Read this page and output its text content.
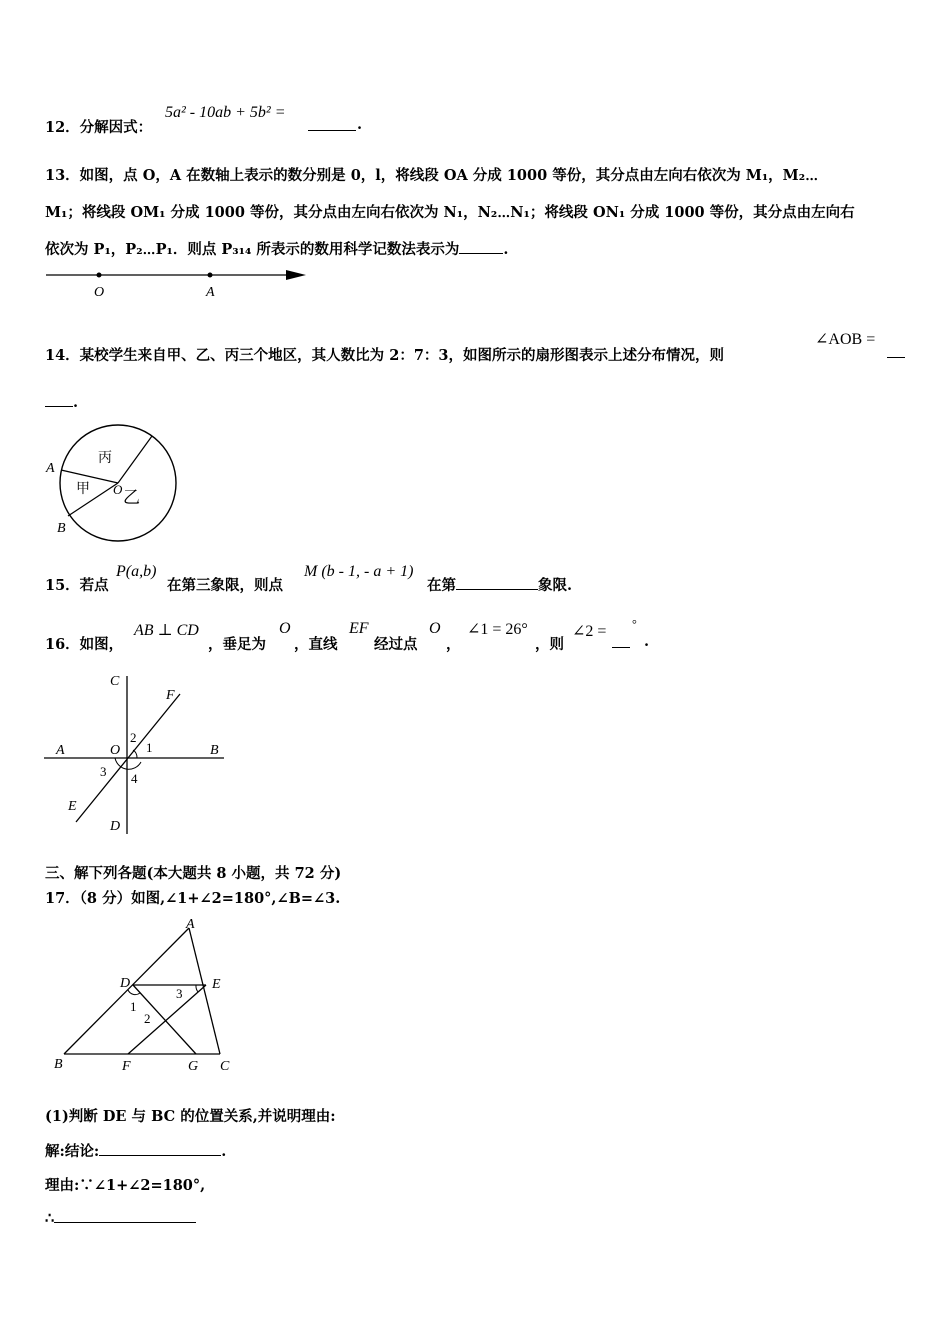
12．分解因式：
5a² - 10ab + 5b² =
.
13．如图，点 O，A 在数轴上表示的数分别是 0，l，将线段 OA 分成 1000 等份，其分点由左向右依次为 M₁，M₂⋯
M₁；将线段 OM₁ 分成 1000 等份，其分点由左向右依次为 N₁，N₂⋯N₁；将线段 ON₁ 分成 1000 等份，其分点由左向右
依次为 P₁，P₂⋯P₁．则点 P₃₁₄ 所表示的数用科学记数法表示为	.
O	A
14．某校学生来自甲、乙、丙三个地区，其人数比为 2：7：3，如图所示的扇形图表示上述分布情况，则
∠AOB =
.
A
B
O
甲 乙
丙
15．若点
P(a,b)
在第三象限，则点
M (b - 1, - a + 1)
在第	象限.
16．如图，
AB ⊥ CD
，垂足为
O
，直线
EF
经过点
O
，
∠1 = 26°
，则
∠2 = °
.
C
F
A	O
2
1	B
3 4
E
D
三、解下列各题(本大题共 8 小题，共 72 分)
17．（8 分）如图,∠1+∠2=180°,∠B=∠3.
A
D	E
1
2
3
B	F	G C
(1)判断 DE 与 BC 的位置关系,并说明理由:
解:结论:	.
理由:∵∠1+∠2=180°,
∴
